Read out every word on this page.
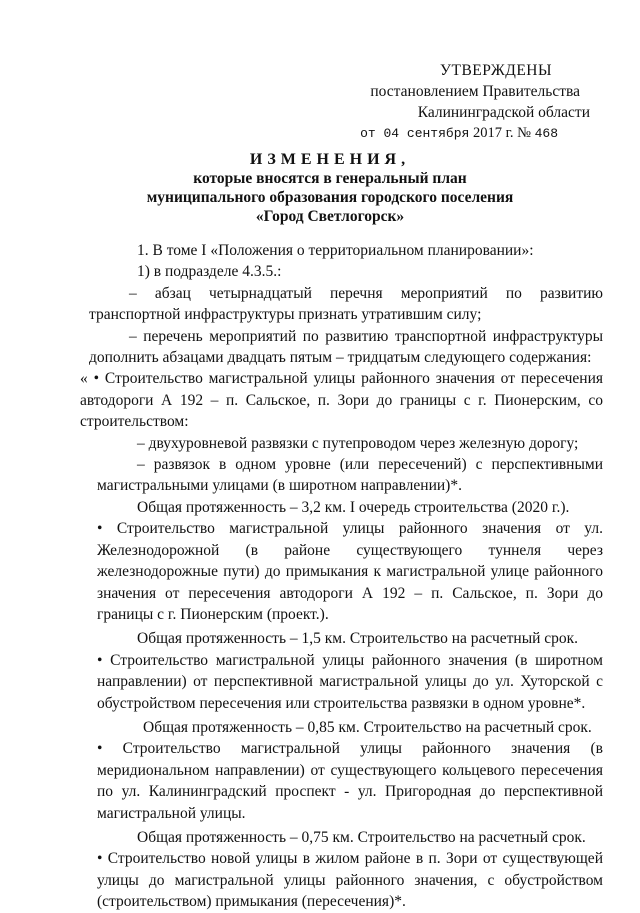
УТВЕРЖДЕНЫ
постановлением Правительства
Калининградской области
от 04 сентября 2017 г. № 468
ИЗМЕНЕНИЯ,
которые вносятся в генеральный план
муниципального образования городского поселения
«Город Светлогорск»

1. В томе I «Положения о территориальном планировании»:

1) в подразделе 4.3.5.:

– абзац четырнадцатый перечня мероприятий по развитию транспортной инфраструктуры признать утратившим силу;

– перечень мероприятий по развитию транспортной инфраструктуры дополнить абзацами двадцать пятым – тридцатым следующего содержания:

« • Строительство магистральной улицы районного значения от пересечения автодороги А 192 – п. Сальское, п. Зори до границы с г. Пионерским, со строительством:

– двухуровневой развязки с путепроводом через железную дорогу;

– развязок в одном уровне (или пересечений) с перспективными магистральными улицами (в широтном направлении)*.

Общая протяженность – 3,2 км. I очередь строительства (2020 г.).

• Строительство магистральной улицы районного значения от ул. Железнодорожной (в районе существующего туннеля через железнодорожные пути) до примыкания к магистральной улице районного значения от пересечения автодороги А 192 – п. Сальское, п. Зори до границы с г. Пионерским (проект.).

Общая протяженность – 1,5 км. Строительство на расчетный срок.

• Строительство магистральной улицы районного значения (в широтном направлении) от перспективной магистральной улицы до ул. Хуторской с обустройством пересечения или строительства развязки в одном уровне*.

Общая протяженность – 0,85 км. Строительство на расчетный срок.

• Строительство магистральной улицы районного значения (в меридиональном направлении) от существующего кольцевого пересечения по ул. Калининградский проспект - ул. Пригородная до перспективной магистральной улицы.

Общая протяженность – 0,75 км. Строительство на расчетный срок.

• Строительство новой улицы в жилом районе в п. Зори от существующей улицы до магистральной улицы районного значения, с обустройством (строительством) примыкания (пересечения)*.
